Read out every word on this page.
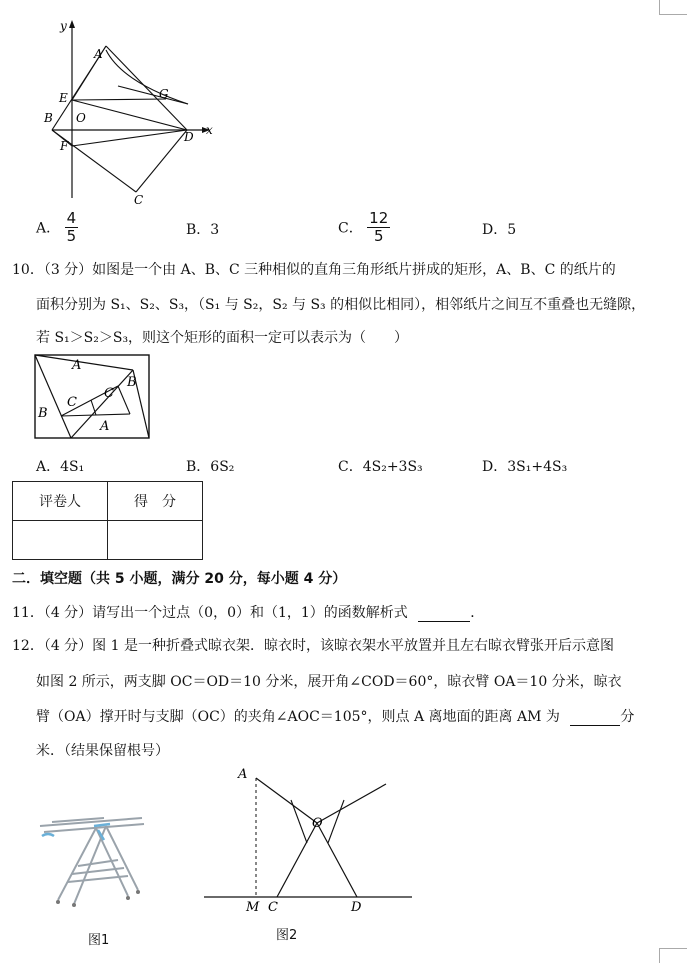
y
x
A
E	G
B O
D
F
C
A． $\frac{4}{5}$	B．3	C． $\frac{12}{5}$	D．5
10．（3 分）如图是一个由 A、B、C 三种相似的直角三角形纸片拼成的矩形，A、B、C 的纸片的
面积分别为 S₁、S₂、S₃，（S₁ 与 S₂，S₂ 与 S₃ 的相似比相同），相邻纸片之间互不重叠也无缝隙，
若 S₁＞S₂＞S₃，则这个矩形的面积一定可以表示为（　　）
A
B
C
C
B
A
A．4S₁	B．6S₂	C．4S₂+3S₃	D．3S₁+4S₃
评卷人	得　分

二．填空题（共 5 小题，满分 20 分，每小题 4 分）
11．（4 分）请写出一个过点（0，0）和（1，1）的函数解析式	．
12．（4 分）图 1 是一种折叠式晾衣架．晾衣时，该晾衣架水平放置并且左右晾衣臂张开后示意图
如图 2 所示，两支脚 OC＝OD＝10 分米，展开角∠COD＝60°，晾衣臂 OA＝10 分米，晾衣
臂（OA）撑开时与支脚（OC）的夹角∠AOC＝105°，则点 A 离地面的距离 AM 为	分
米．（结果保留根号）
图1
A
O
M C	D
图2
